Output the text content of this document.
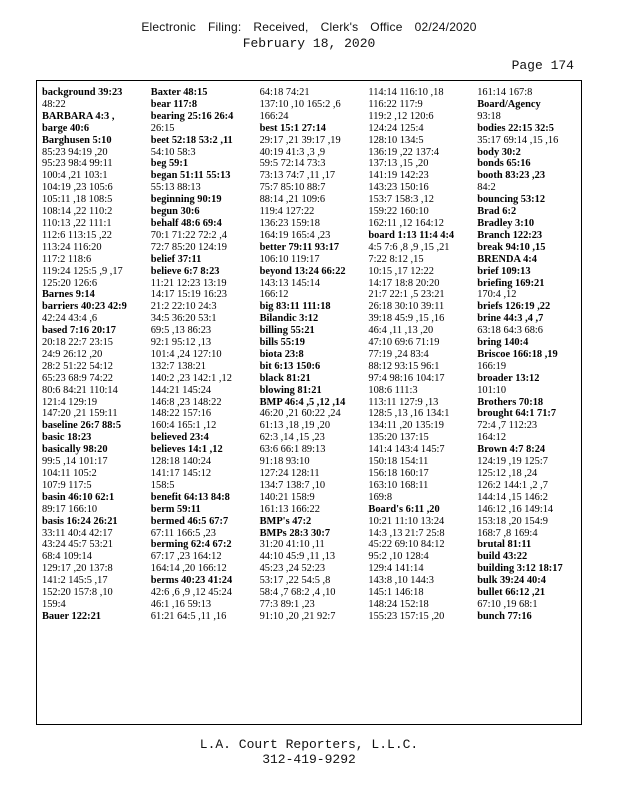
Electronic Filing: Received, Clerk's Office 02/24/2020
February 18, 2020
Page 174
background 39:23
48:22
BARBARA 4:3 ,
barge 40:6
Barghusen 5:10
85:23 94:19 ,20
95:23 98:4 99:11
100:4 ,21 103:1
104:19 ,23 105:6
105:11 ,18 108:5
108:14 ,22 110:2
110:13 ,22 111:1
112:6 113:15 ,22
113:24 116:20
117:2 118:6
119:24 125:5 ,9 ,17
125:20 126:6
Barnes 9:14
barriers 40:23 42:9
42:24 43:4 ,6
based 7:16 20:17
20:18 22:7 23:15
24:9 26:12 ,20
28:2 51:22 54:12
65:23 68:9 74:22
80:6 84:21 110:14
121:4 129:19
147:20 ,21 159:11
baseline 26:7 88:5
basic 18:23
basically 98:20
99:5 ,14 101:17
104:11 105:2
107:9 117:5
basin 46:10 62:1
89:17 166:10
basis 16:24 26:21
33:11 40:4 42:17
43:24 45:7 53:21
68:4 109:14
129:17 ,20 137:8
141:2 145:5 ,17
152:20 157:8 ,10
159:4
Bauer 122:21
Baxter 48:15
bear 117:8
bearing 25:16 26:4
26:15
beet 52:18 53:2 ,11
54:10 58:3
beg 59:1
began 51:11 55:13
55:13 88:13
beginning 90:19
begun 30:6
behalf 48:6 69:4
70:1 71:22 72:2 ,4
72:7 85:20 124:19
belief 37:11
believe 6:7 8:23
11:21 12:23 13:19
14:17 15:19 16:23
21:2 22:10 24:3
34:5 36:20 53:1
69:5 ,13 86:23
92:1 95:12 ,13
101:4 ,24 127:10
132:7 138:21
140:2 ,23 142:1 ,12
144:21 145:24
146:8 ,23 148:22
148:22 157:16
160:4 165:1 ,12
believed 23:4
believes 14:1 ,12
128:18 140:24
141:17 145:12
158:5
benefit 64:13 84:8
berm 59:11
bermed 46:5 67:7
67:11 166:5 ,23
berming 62:4 67:2
67:17 ,23 164:12
164:14 ,20 166:12
berms 40:23 41:24
42:6 ,6 ,9 ,12 45:24
46:1 ,16 59:13
61:21 64:5 ,11 ,16
64:18 74:21
137:10 ,10 165:2 ,6
166:24
best 15:1 27:14
29:17 ,21 39:17 ,19
40:19 41:3 ,3 ,9
59:5 72:14 73:3
73:13 74:7 ,11 ,17
75:7 85:10 88:7
88:14 ,21 109:6
119:4 127:22
136:23 159:18
164:19 165:4 ,23
better 79:11 93:17
106:10 119:17
beyond 13:24 66:22
143:13 145:14
166:12
big 83:11 111:18
Bilandic 3:12
billing 55:21
bills 55:19
biota 23:8
bit 6:13 150:6
black 81:21
blowing 81:21
BMP 46:4 ,5 ,12 ,14
46:20 ,21 60:22 ,24
61:13 ,18 ,19 ,20
62:3 ,14 ,15 ,23
63:6 66:1 89:13
91:18 93:10
127:24 128:11
134:7 138:7 ,10
140:21 158:9
161:13 166:22
BMP's 47:2
BMPs 28:3 30:7
31:20 41:10 ,11
44:10 45:9 ,11 ,13
45:23 ,24 52:23
53:17 ,22 54:5 ,8
58:4 ,7 68:2 ,4 ,10
77:3 89:1 ,23
91:10 ,20 ,21 92:7
114:14 116:10 ,18
116:22 117:9
119:2 ,12 120:6
124:24 125:4
128:10 134:5
136:19 ,22 137:4
137:13 ,15 ,20
141:19 142:23
143:23 150:16
153:7 158:3 ,12
159:22 160:10
162:11 ,12 164:12
board 1:13 11:4 4:4
4:5 7:6 ,8 ,9 ,15 ,21
7:22 8:12 ,15
10:15 ,17 12:22
14:17 18:8 20:20
21:7 22:1 ,5 23:21
26:18 30:10 39:11
39:18 45:9 ,15 ,16
46:4 ,11 ,13 ,20
47:10 69:6 71:19
77:19 ,24 83:4
88:12 93:15 96:1
97:4 98:16 104:17
108:6 111:3
113:11 127:9 ,13
128:5 ,13 ,16 134:1
134:11 ,20 135:19
135:20 137:15
141:4 143:4 145:7
150:18 154:11
156:18 160:17
163:10 168:11
169:8
Board's 6:11 ,20
10:21 11:10 13:24
14:3 ,13 21:7 25:8
45:22 69:10 84:12
95:2 ,10 128:4
129:4 141:14
143:8 ,10 144:3
145:1 146:18
148:24 152:18
155:23 157:15 ,20
161:14 167:8
Board/Agency
93:18
bodies 22:15 32:5
35:17 69:14 ,15 ,16
body 30:2
bonds 65:16
booth 83:23 ,23
84:2
bouncing 53:12
Brad 6:2
Bradley 3:10
Branch 122:23
break 94:10 ,15
BRENDA 4:4
brief 109:13
briefing 169:21
170:4 ,12
briefs 126:19 ,22
brine 44:3 ,4 ,7
63:18 64:3 68:6
bring 140:4
Briscoe 166:18 ,19
166:19
broader 13:12
101:10
Brothers 70:18
brought 64:1 71:7
72:4 ,7 112:23
164:12
Brown 4:7 8:24
124:19 ,19 125:7
125:12 ,18 ,24
126:2 144:1 ,2 ,7
144:14 ,15 146:2
146:12 ,16 149:14
153:18 ,20 154:9
168:7 ,8 169:4
brutal 81:11
build 43:22
building 3:12 18:17
bulk 39:24 40:4
bullet 66:12 ,21
67:10 ,19 68:1
bunch 77:16
L.A. Court Reporters, L.L.C.
312-419-9292
